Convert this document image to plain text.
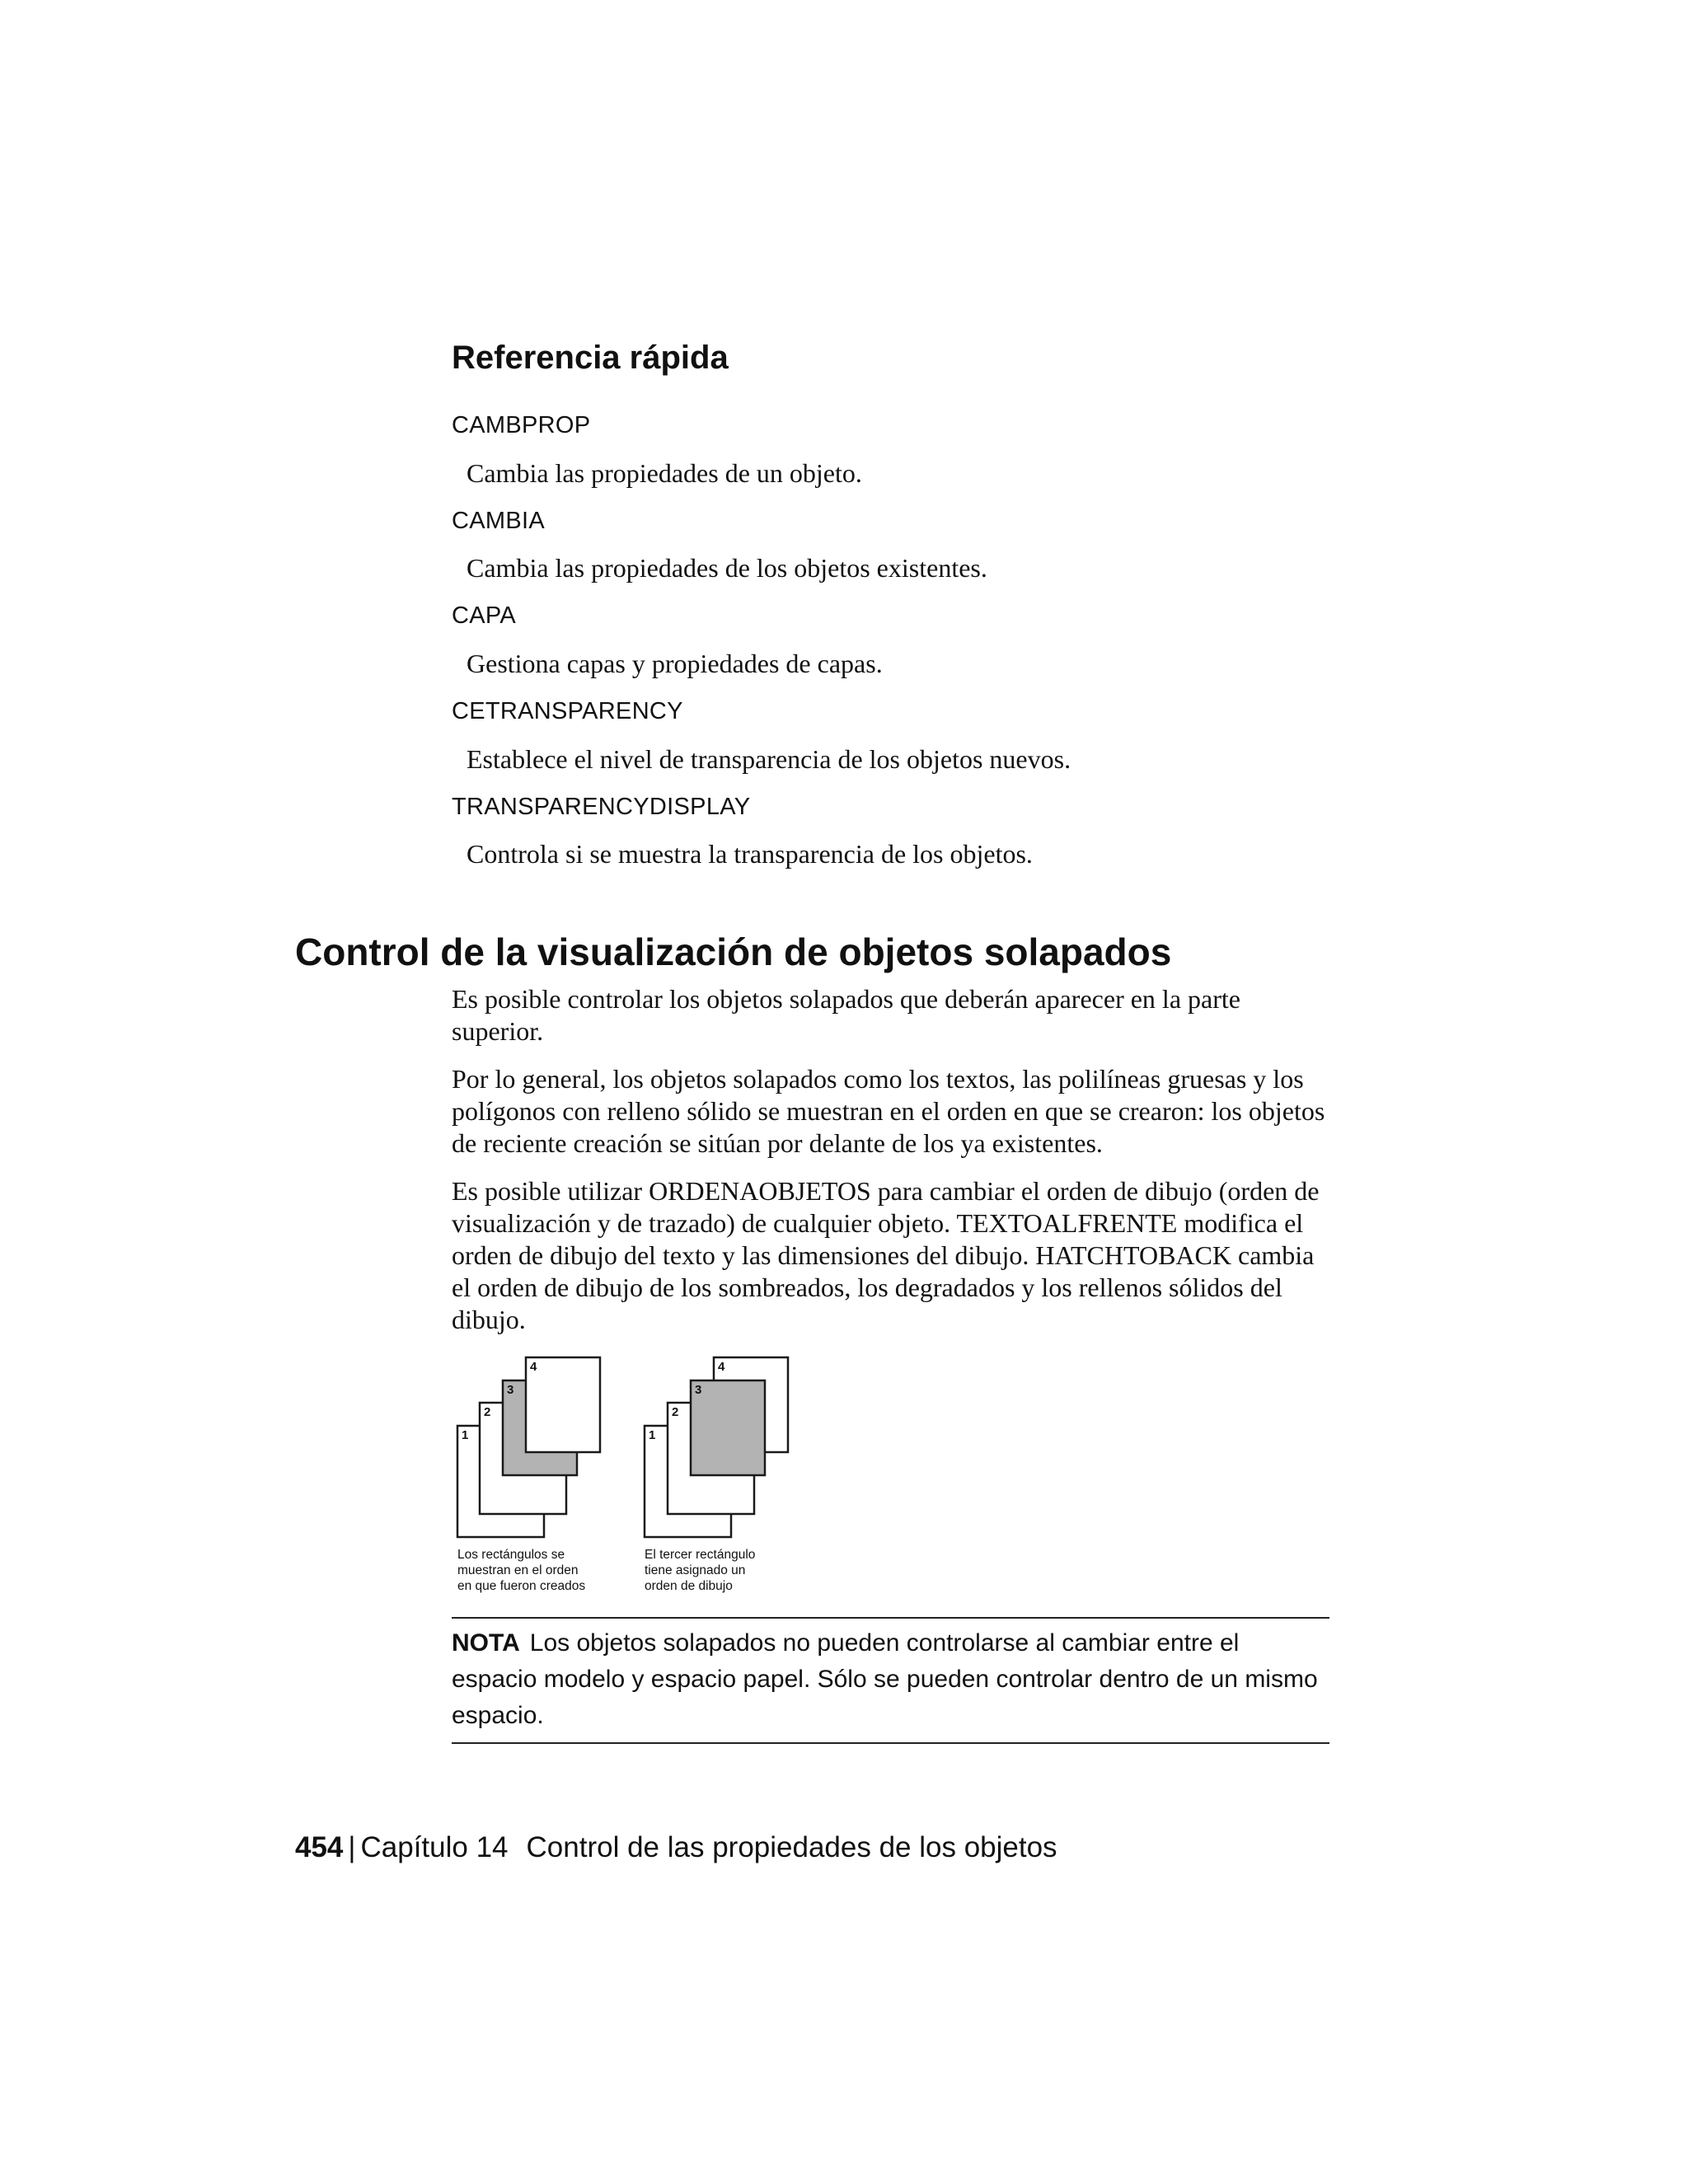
Referencia rápida
CAMBPROP
Cambia las propiedades de un objeto.
CAMBIA
Cambia las propiedades de los objetos existentes.
CAPA
Gestiona capas y propiedades de capas.
CETRANSPARENCY
Establece el nivel de transparencia de los objetos nuevos.
TRANSPARENCYDISPLAY
Controla si se muestra la transparencia de los objetos.
Control de la visualización de objetos solapados

Es posible controlar los objetos solapados que deberán aparecer en la parte superior.

Por lo general, los objetos solapados como los textos, las polilíneas gruesas y los polígonos con relleno sólido se muestran en el orden en que se crearon: los objetos de reciente creación se sitúan por delante de los ya existentes.

Es posible utilizar ORDENAOBJETOS para cambiar el orden de dibujo (orden de visualización y de trazado) de cualquier objeto. TEXTOALFRENTE modifica el orden de dibujo del texto y las dimensiones del dibujo. HATCHTOBACK cambia el orden de dibujo de los sombreados, los degradados y los rellenos sólidos del dibujo.

1
2
3
4
1
2
3
4
Los rectángulos se
muestran en el orden
en que fueron creados
El tercer rectángulo
tiene asignado un
orden de dibujo
NOTA Los objetos solapados no pueden controlarse al cambiar entre el espacio modelo y espacio papel. Sólo se pueden controlar dentro de un mismo espacio.
454 | Capítulo 14 Control de las propiedades de los objetos
